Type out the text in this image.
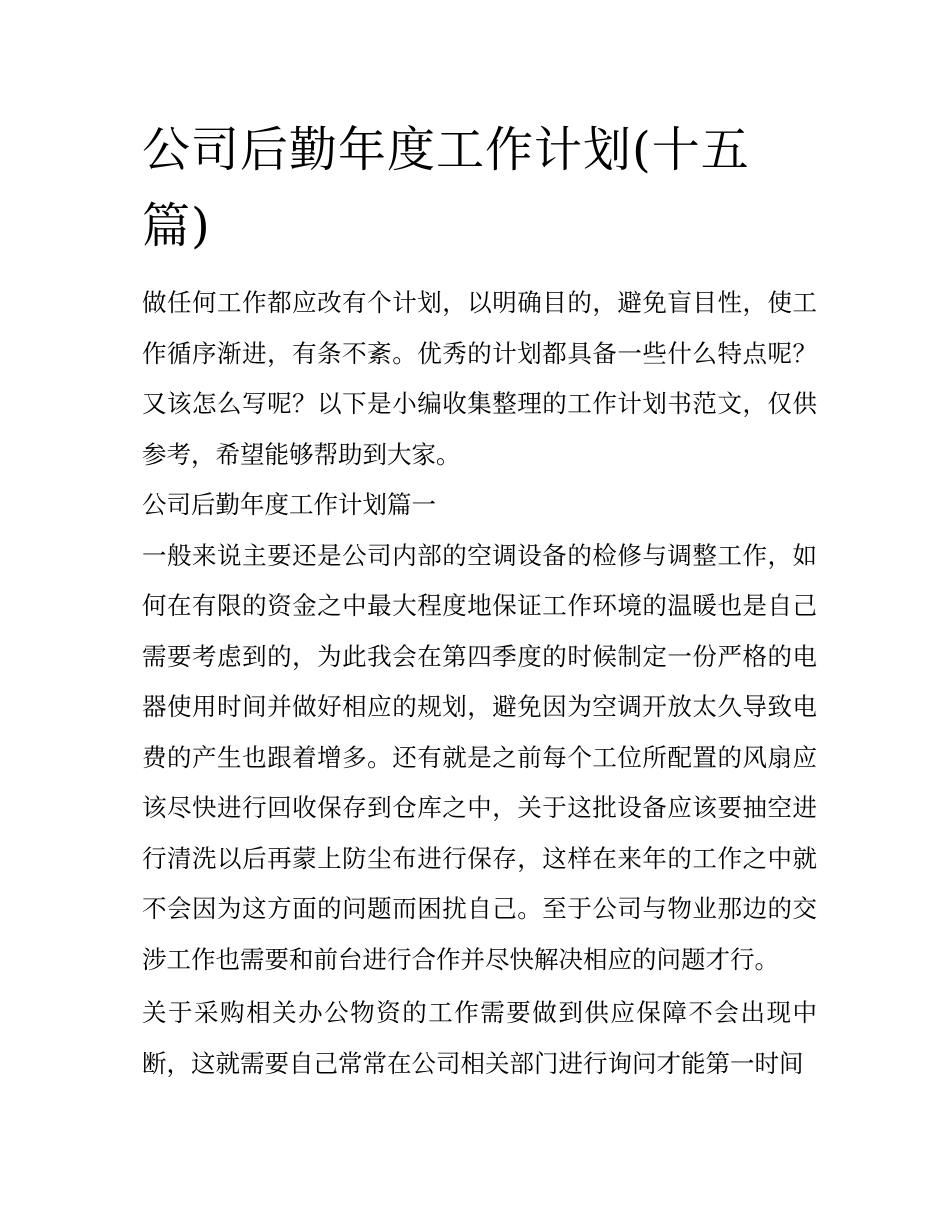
公司后勤年度工作计划(十五篇)

做任何工作都应改有个计划，以明确目的，避免盲目性，使工作循序渐进，有条不紊。优秀的计划都具备一些什么特点呢？又该怎么写呢？以下是小编收集整理的工作计划书范文，仅供参考，希望能够帮助到大家。

公司后勤年度工作计划篇一

一般来说主要还是公司内部的空调设备的检修与调整工作，如何在有限的资金之中最大程度地保证工作环境的温暖也是自己需要考虑到的，为此我会在第四季度的时候制定一份严格的电器使用时间并做好相应的规划，避免因为空调开放太久导致电费的产生也跟着增多。还有就是之前每个工位所配置的风扇应该尽快进行回收保存到仓库之中，关于这批设备应该要抽空进行清洗以后再蒙上防尘布进行保存，这样在来年的工作之中就不会因为这方面的问题而困扰自己。至于公司与物业那边的交涉工作也需要和前台进行合作并尽快解决相应的问题才行。

关于采购相关办公物资的工作需要做到供应保障不会出现中断，这就需要自己常常在公司相关部门进行询问才能第一时间
